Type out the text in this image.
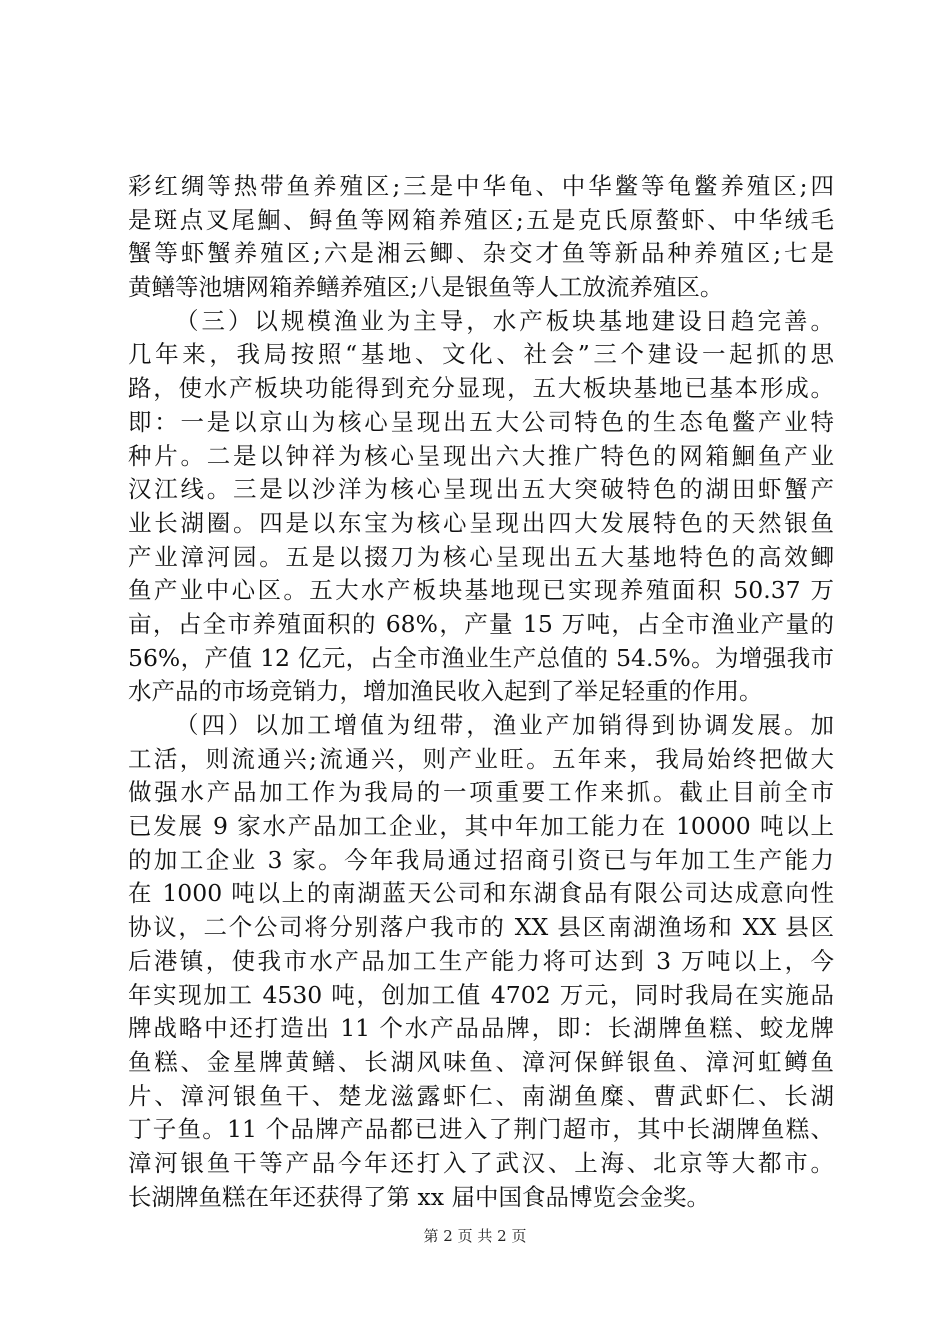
彩红绸等热带鱼养殖区;三是中华龟、中华鳖等龟鳖养殖区;四
是斑点叉尾鮰、鲟鱼等网箱养殖区;五是克氏原螯虾、中华绒毛
蟹等虾蟹养殖区;六是湘云鲫、杂交才鱼等新品种养殖区;七是
黄鳝等池塘网箱养鳝养殖区;八是银鱼等人工放流养殖区。
（三）以规模渔业为主导，水产板块基地建设日趋完善。
几年来，我局按照“基地、文化、社会”三个建设一起抓的思
路，使水产板块功能得到充分显现，五大板块基地已基本形成。
即：一是以京山为核心呈现出五大公司特色的生态龟鳖产业特
种片。二是以钟祥为核心呈现出六大推广特色的网箱鮰鱼产业
汉江线。三是以沙洋为核心呈现出五大突破特色的湖田虾蟹产
业长湖圈。四是以东宝为核心呈现出四大发展特色的天然银鱼
产业漳河园。五是以掇刀为核心呈现出五大基地特色的高效鲫
鱼产业中心区。五大水产板块基地现已实现养殖面积 50.37 万
亩，占全市养殖面积的 68%，产量 15 万吨，占全市渔业产量的
56%，产值 12 亿元，占全市渔业生产总值的 54.5%。为增强我市
水产品的市场竞销力，增加渔民收入起到了举足轻重的作用。
（四）以加工增值为纽带，渔业产加销得到协调发展。加
工活，则流通兴;流通兴，则产业旺。五年来，我局始终把做大
做强水产品加工作为我局的一项重要工作来抓。截止目前全市
已发展 9 家水产品加工企业，其中年加工能力在 10000 吨以上
的加工企业 3 家。今年我局通过招商引资已与年加工生产能力
在 1000 吨以上的南湖蓝天公司和东湖食品有限公司达成意向性
协议，二个公司将分别落户我市的 XX 县区南湖渔场和 XX 县区
后港镇，使我市水产品加工生产能力将可达到 3 万吨以上，今
年实现加工 4530 吨，创加工值 4702 万元，同时我局在实施品
牌战略中还打造出 11 个水产品品牌，即：长湖牌鱼糕、蛟龙牌
鱼糕、金星牌黄鳝、长湖风味鱼、漳河保鲜银鱼、漳河虹鳟鱼
片、漳河银鱼干、楚龙滋露虾仁、南湖鱼糜、曹武虾仁、长湖
丁子鱼。11 个品牌产品都已进入了荆门超市，其中长湖牌鱼糕、
漳河银鱼干等产品今年还打入了武汉、上海、北京等大都市。
长湖牌鱼糕在年还获得了第 xx 届中国食品博览会金奖。
第 2 页 共 2 页
